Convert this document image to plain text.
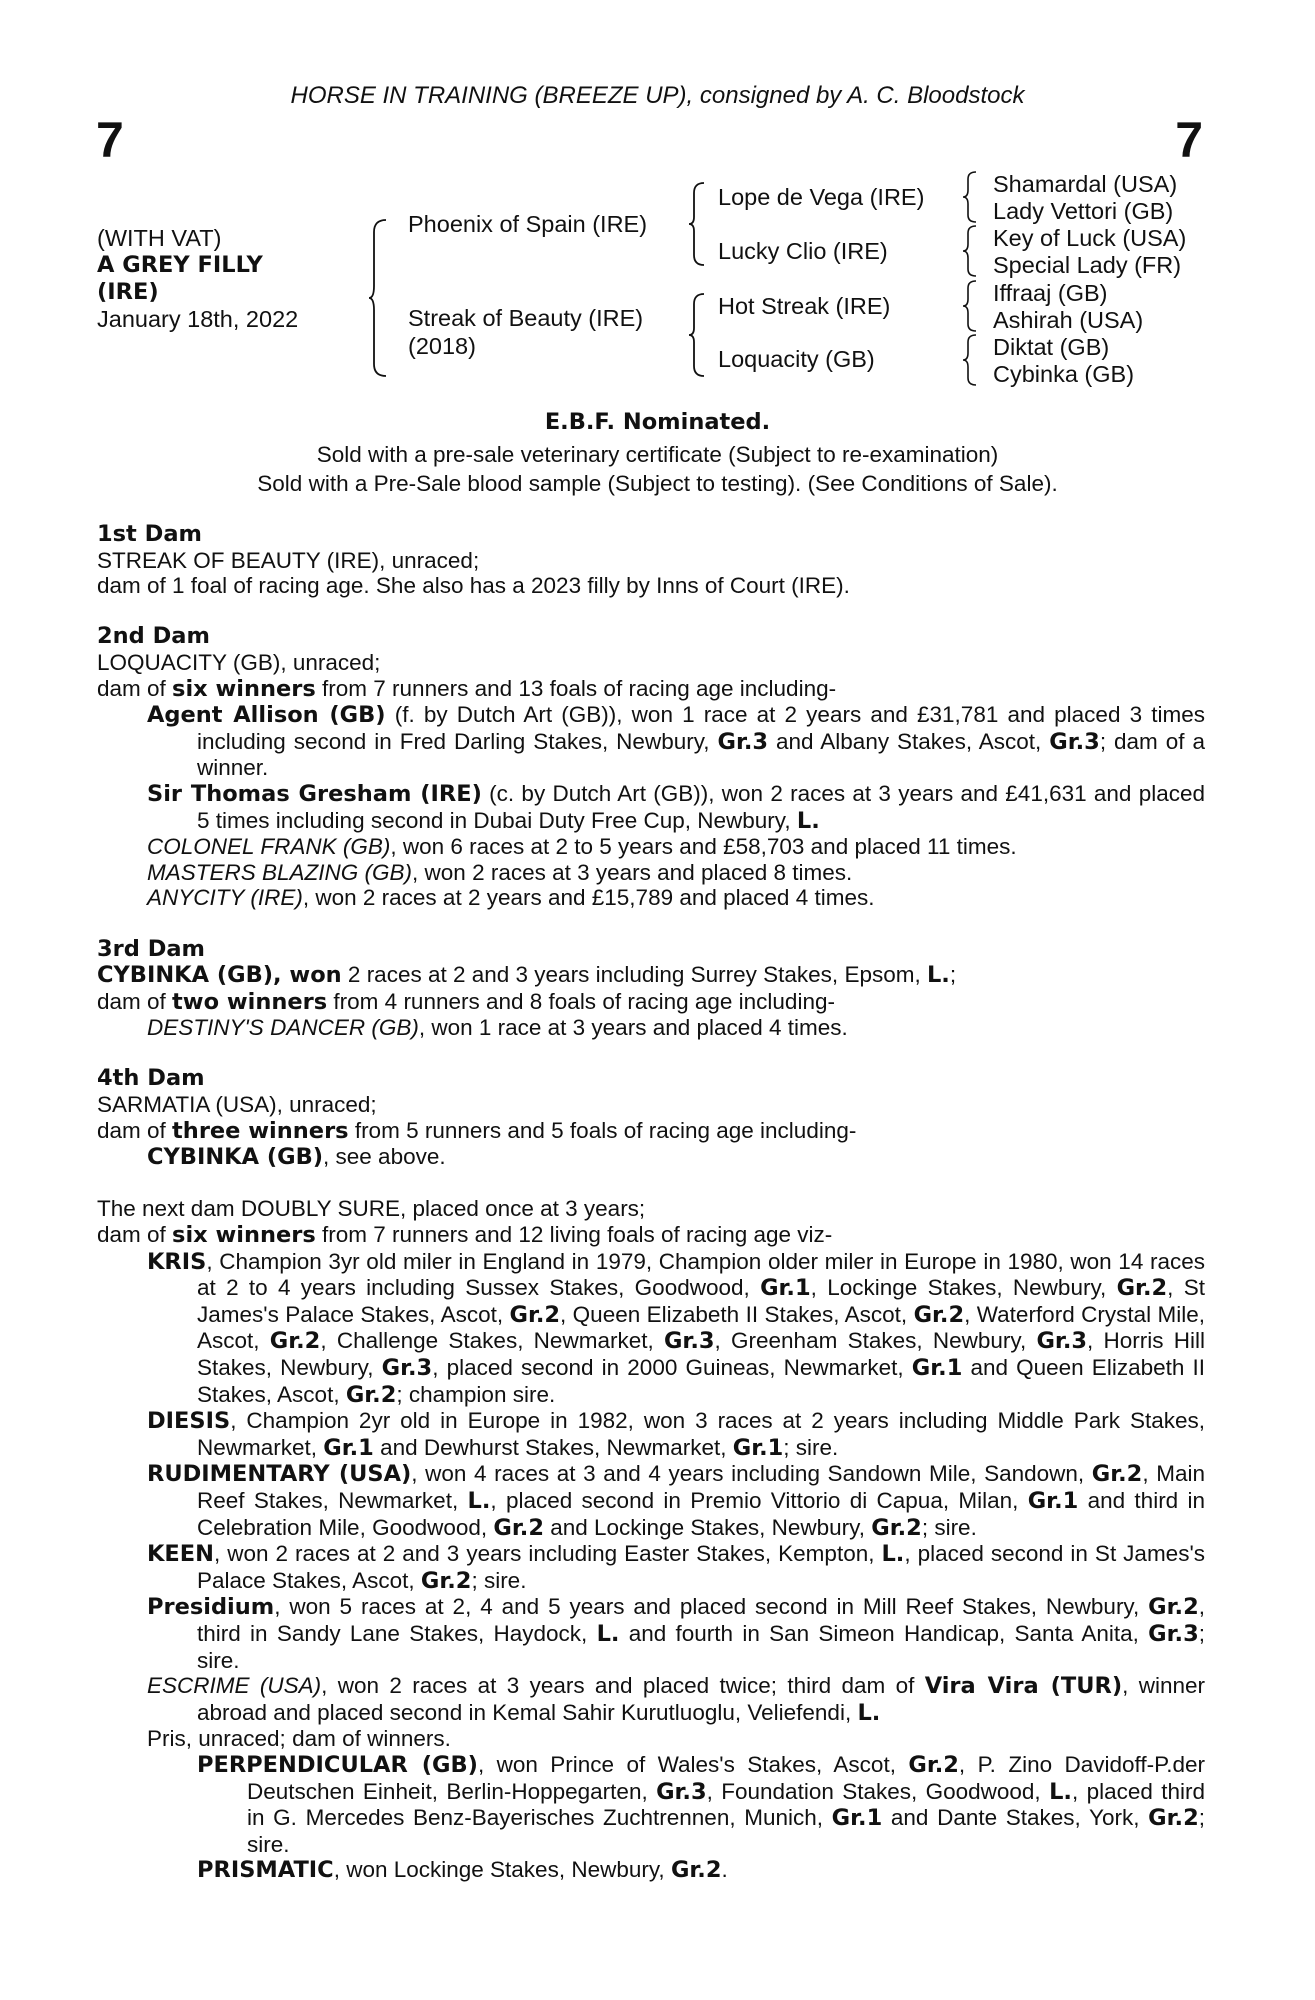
HORSE IN TRAINING (BREEZE UP), consigned by A. C. Bloodstock
7	7
(WITH VAT)
A GREY FILLY
(IRE)
January 18th, 2022
Phoenix of Spain (IRE)
Streak of Beauty (IRE)
(2018)
Lope de Vega (IRE)
Lucky Clio (IRE)
Hot Streak (IRE)
Loquacity (GB)
Shamardal (USA)
Lady Vettori (GB)
Key of Luck (USA)
Special Lady (FR)
Iffraaj (GB)
Ashirah (USA)
Diktat (GB)
Cybinka (GB)
E.B.F. Nominated.
Sold with a pre-sale veterinary certificate (Subject to re-examination)
Sold with a Pre-Sale blood sample (Subject to testing). (See Conditions of Sale).
1st Dam
STREAK OF BEAUTY (IRE), unraced;
dam of 1 foal of racing age. She also has a 2023 filly by Inns of Court (IRE).
2nd Dam
LOQUACITY (GB), unraced;
dam of six winners from 7 runners and 13 foals of racing age including-
Agent Allison (GB) (f. by Dutch Art (GB)), won 1 race at 2 years and £31,781 and placed 3 times including second in Fred Darling Stakes, Newbury, Gr.3 and Albany Stakes, Ascot, Gr.3; dam of a winner.
Sir Thomas Gresham (IRE) (c. by Dutch Art (GB)), won 2 races at 3 years and £41,631 and placed 5 times including second in Dubai Duty Free Cup, Newbury, L.
COLONEL FRANK (GB), won 6 races at 2 to 5 years and £58,703 and placed 11 times.
MASTERS BLAZING (GB), won 2 races at 3 years and placed 8 times.
ANYCITY (IRE), won 2 races at 2 years and £15,789 and placed 4 times.
3rd Dam
CYBINKA (GB), won 2 races at 2 and 3 years including Surrey Stakes, Epsom, L.;
dam of two winners from 4 runners and 8 foals of racing age including-
DESTINY'S DANCER (GB), won 1 race at 3 years and placed 4 times.
4th Dam
SARMATIA (USA), unraced;
dam of three winners from 5 runners and 5 foals of racing age including-
CYBINKA (GB), see above.
The next dam DOUBLY SURE, placed once at 3 years;
dam of six winners from 7 runners and 12 living foals of racing age viz-
KRIS, Champion 3yr old miler in England in 1979, Champion older miler in Europe in 1980, won 14 races at 2 to 4 years including Sussex Stakes, Goodwood, Gr.1, Lockinge Stakes, Newbury, Gr.2, St James's Palace Stakes, Ascot, Gr.2, Queen Elizabeth II Stakes, Ascot, Gr.2, Waterford Crystal Mile, Ascot, Gr.2, Challenge Stakes, Newmarket, Gr.3, Greenham Stakes, Newbury, Gr.3, Horris Hill Stakes, Newbury, Gr.3, placed second in 2000 Guineas, Newmarket, Gr.1 and Queen Elizabeth II Stakes, Ascot, Gr.2; champion sire.
DIESIS, Champion 2yr old in Europe in 1982, won 3 races at 2 years including Middle Park Stakes, Newmarket, Gr.1 and Dewhurst Stakes, Newmarket, Gr.1; sire.
RUDIMENTARY (USA), won 4 races at 3 and 4 years including Sandown Mile, Sandown, Gr.2, Main Reef Stakes, Newmarket, L., placed second in Premio Vittorio di Capua, Milan, Gr.1 and third in Celebration Mile, Goodwood, Gr.2 and Lockinge Stakes, Newbury, Gr.2; sire.
KEEN, won 2 races at 2 and 3 years including Easter Stakes, Kempton, L., placed second in St James's Palace Stakes, Ascot, Gr.2; sire.
Presidium, won 5 races at 2, 4 and 5 years and placed second in Mill Reef Stakes, Newbury, Gr.2, third in Sandy Lane Stakes, Haydock, L. and fourth in San Simeon Handicap, Santa Anita, Gr.3; sire.
ESCRIME (USA), won 2 races at 3 years and placed twice; third dam of Vira Vira (TUR), winner abroad and placed second in Kemal Sahir Kurutluoglu, Veliefendi, L.
Pris, unraced; dam of winners.
PERPENDICULAR (GB), won Prince of Wales's Stakes, Ascot, Gr.2, P. Zino Davidoff-P.der Deutschen Einheit, Berlin-Hoppegarten, Gr.3, Foundation Stakes, Goodwood, L., placed third in G. Mercedes Benz-Bayerisches Zuchtrennen, Munich, Gr.1 and Dante Stakes, York, Gr.2; sire.
PRISMATIC, won Lockinge Stakes, Newbury, Gr.2.
